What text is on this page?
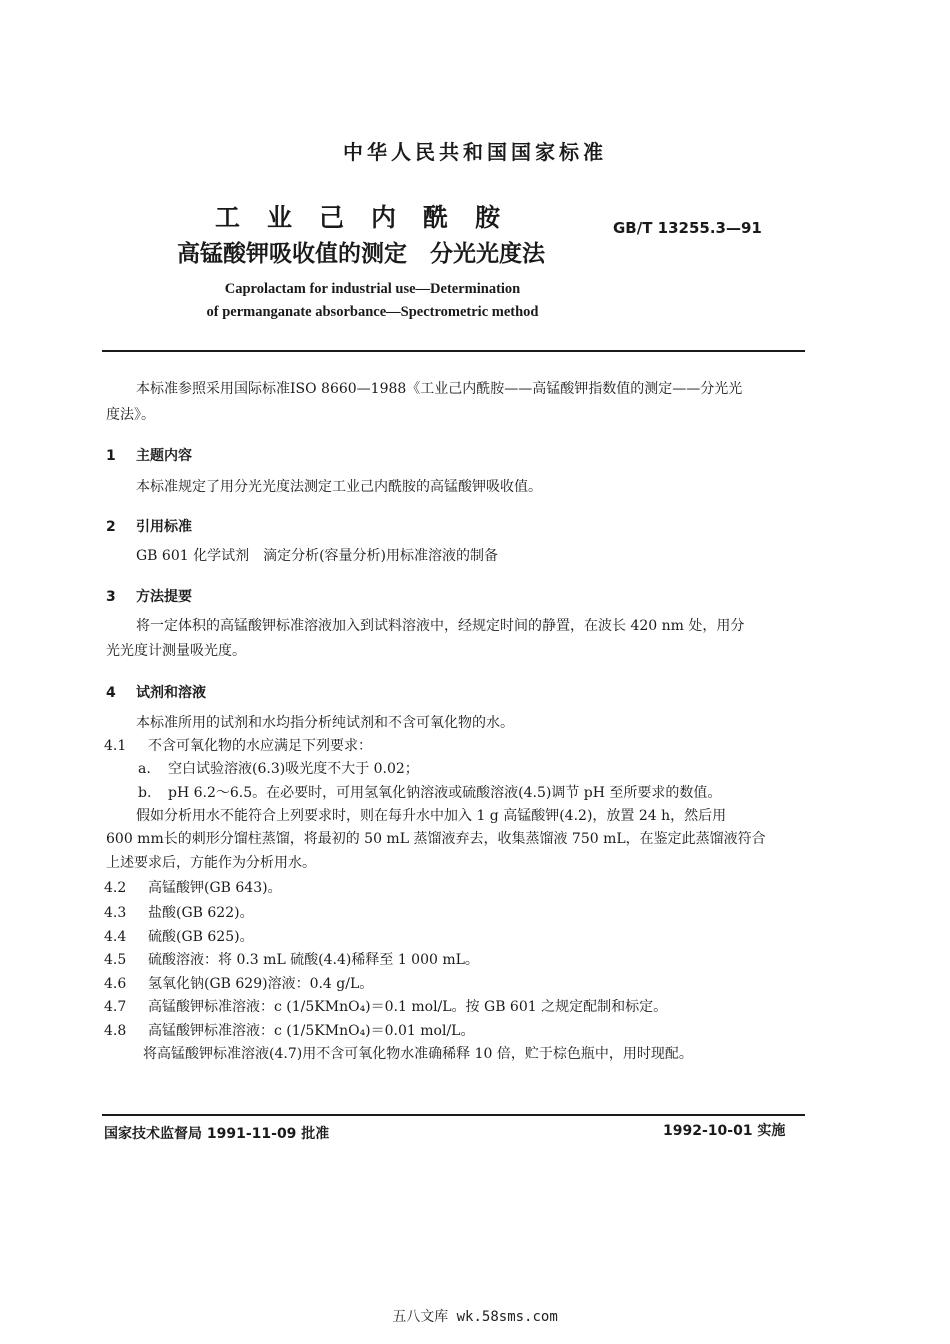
中华人民共和国国家标准
工业己内酰胺
高锰酸钾吸收值的测定　分光光度法
GB/T 13255.3—91
Caprolactam for industrial use—Determination
of permanganate absorbance—Spectrometric method
本标准参照采用国际标准ISO 8660—1988《工业己内酰胺——高锰酸钾指数值的测定——分光光
度法》。
1 主题内容
本标准规定了用分光光度法测定工业己内酰胺的高锰酸钾吸收值。
2 引用标准
GB 601 化学试剂　滴定分析(容量分析)用标准溶液的制备
3 方法提要
将一定体积的高锰酸钾标准溶液加入到试料溶液中，经规定时间的静置，在波长 420 nm 处，用分
光光度计测量吸光度。
4 试剂和溶液
本标准所用的试剂和水均指分析纯试剂和不含可氧化物的水。
4.1 不含可氧化物的水应满足下列要求：
a. 空白试验溶液(6.3)吸光度不大于 0.02；
b. pH 6.2～6.5。在必要时，可用氢氧化钠溶液或硫酸溶液(4.5)调节 pH 至所要求的数值。
假如分析用水不能符合上列要求时，则在每升水中加入 1 g 高锰酸钾(4.2)，放置 24 h，然后用
600 mm长的刺形分馏柱蒸馏，将最初的 50 mL 蒸馏液弃去，收集蒸馏液 750 mL，在鉴定此蒸馏液符合
上述要求后，方能作为分析用水。
4.2 高锰酸钾(GB 643)。
4.3 盐酸(GB 622)。
4.4 硫酸(GB 625)。
4.5 硫酸溶液：将 0.3 mL 硫酸(4.4)稀释至 1 000 mL。
4.6 氢氧化钠(GB 629)溶液：0.4 g/L。
4.7 高锰酸钾标准溶液：c (1/5KMnO₄)＝0.1 mol/L。按 GB 601 之规定配制和标定。
4.8 高锰酸钾标准溶液：c (1/5KMnO₄)＝0.01 mol/L。
将高锰酸钾标准溶液(4.7)用不含可氧化物水准确稀释 10 倍，贮于棕色瓶中，用时现配。
国家技术监督局 1991-11-09 批准	1992-10-01 实施
五八文库 wk.58sms.com
